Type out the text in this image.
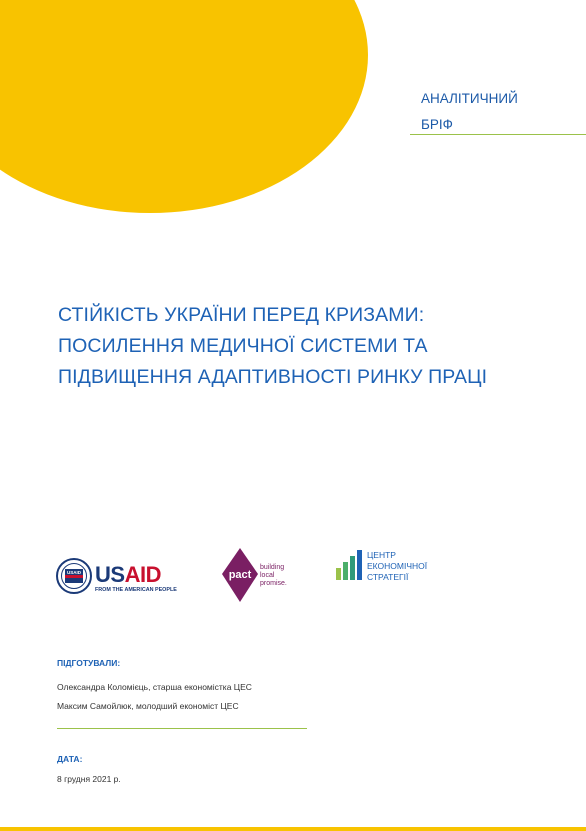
АНАЛІТИЧНИЙ
БРІФ
СТІЙКІСТЬ УКРАЇНИ ПЕРЕД КРИЗАМИ:
ПОСИЛЕННЯ МЕДИЧНОЇ СИСТЕМИ ТА
ПІДВИЩЕННЯ АДАПТИВНОСТІ РИНКУ ПРАЦІ
USAID USAID
FROM THE AMERICAN PEOPLE
pact
building
local
promise.
ЦЕНТР
ЕКОНОМІЧНОЇ
СТРАТЕГІЇ
ПІДГОТУВАЛИ:
Олександра Коломієць, старша економістка ЦЕС
Максим Самойлюк, молодший економіст ЦЕС
ДАТА:
8 грудня 2021 р.
